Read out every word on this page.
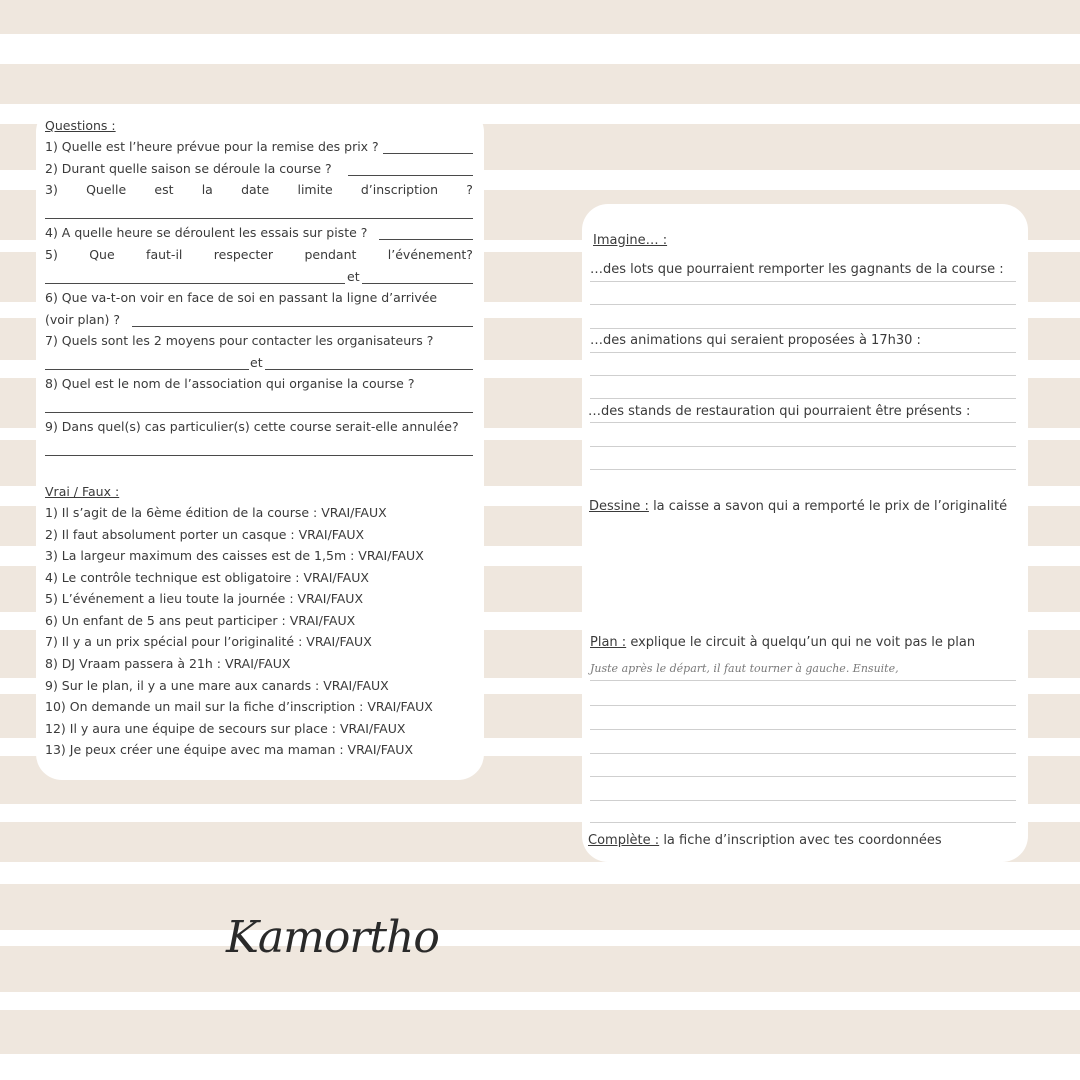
Questions :
1) Quelle est l’heure prévue pour la remise des prix ?
2) Durant quelle saison se déroule la course ?
3) Quelle est la date limite d’inscription ?
4) A quelle heure se déroulent les essais sur piste ?
5)	Que	faut-il	respecter	pendant	l’événement?
et
6) Que va-t-on voir en face de soi en passant la ligne d’arrivée
(voir plan) ?
7) Quels sont les 2 moyens pour contacter les organisateurs ?
et
8) Quel est le nom de l’association qui organise la course ?
9) Dans quel(s) cas particulier(s) cette course serait-elle annulée?
Vrai / Faux :
1) Il s’agit de la 6ème édition de la course : VRAI/FAUX
2) Il faut absolument porter un casque : VRAI/FAUX
3) La largeur maximum des caisses est de 1,5m : VRAI/FAUX
4) Le contrôle technique est obligatoire : VRAI/FAUX
5) L’événement a lieu toute la journée : VRAI/FAUX
6) Un enfant de 5 ans peut participer : VRAI/FAUX
7) Il y a un prix spécial pour l’originalité : VRAI/FAUX
8) DJ Vraam passera à 21h : VRAI/FAUX
9) Sur le plan, il y a une mare aux canards : VRAI/FAUX
10) On demande un mail sur la fiche d’inscription : VRAI/FAUX
12) Il y aura une équipe de secours sur place : VRAI/FAUX
13) Je peux créer une équipe avec ma maman : VRAI/FAUX
Imagine… :
…des lots que pourraient remporter les gagnants de la course :
…des animations qui seraient proposées à 17h30 :
…des stands de restauration qui pourraient être présents :
Dessine : la caisse a savon qui a remporté le prix de l’originalité
Plan : explique le circuit à quelqu’un qui ne voit pas le plan
Juste après le départ, il faut tourner à gauche. Ensuite,
Complète : la fiche d’inscription avec tes coordonnées
Kamortho
